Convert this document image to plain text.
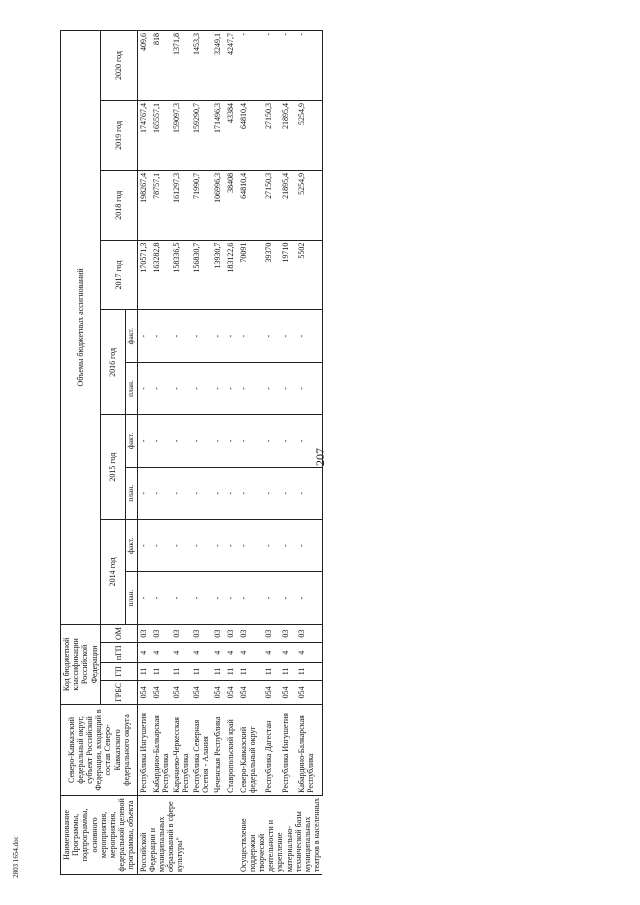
207
2803 1654.doc	Наименование Программы, подпрограммы, основного мероприятия, мероприятия, федеральной целевой программы, объекта	Северо-Кавказский федеральный округ, субъект Российской Федерации, входящий в состав Северо-Кавказского федерального округа	Код бюджетной классификации Российской Федерации				Объемы бюджетных ассигнований									
		ГРБС	ГП	пГП	ОМ	2014 год		2015 год		2016 год		2017 год	2018 год	2019 год	2020 год
						план.	факт.	план.	факт.	план.	факт.				
Российской Федерации и муниципальных образований в сфере культуры"	Республика Ингушетия	054	11	4	03	-	-	-	-	-	-	170571,3	198267,4	174767,4	409,6
	Кабардино-Балкарская Республика	054	11	4	03	-	-	-	-	-	-	163282,8	78757,1	165557,1	818
	Карачаево-Черкесская Республика	054	11	4	03	-	-	-	-	-	-	158336,5	161297,3	159097,3	1371,8
	Республика Северная Осетия - Алания	054	11	4	03	-	-	-	-	-	-	156830,7	71990,7	159290,7	1453,3
	Чеченская Республика	054	11	4	03	-	-	-	-	-	-	13930,7	106996,3	171496,3	3249,1
	Ставропольский край	054	11	4	03	-	-	-	-	-	-	183122,6	38408	43384	4247,7
Осуществление поддержки творческой деятельности и укрепление материально-технической базы муниципальных театров в населенных	Северо-Кавказский федеральный округ	054	11	4	03	-	-	-	-	-	-	70091	64810,4	64810,4	-
	Республика Дагестан	054	11	4	03	-	-	-	-	-	-	39370	27150,3	27150,3	-
	Республика Ингушетия	054	11	4	03	-	-	-	-	-	-	19710	21895,4	21895,4	-
	Кабардино-Балкарская Республика	054	11	4	03	-	-	-	-	-	-	5502	5254,9	5254,9	-
